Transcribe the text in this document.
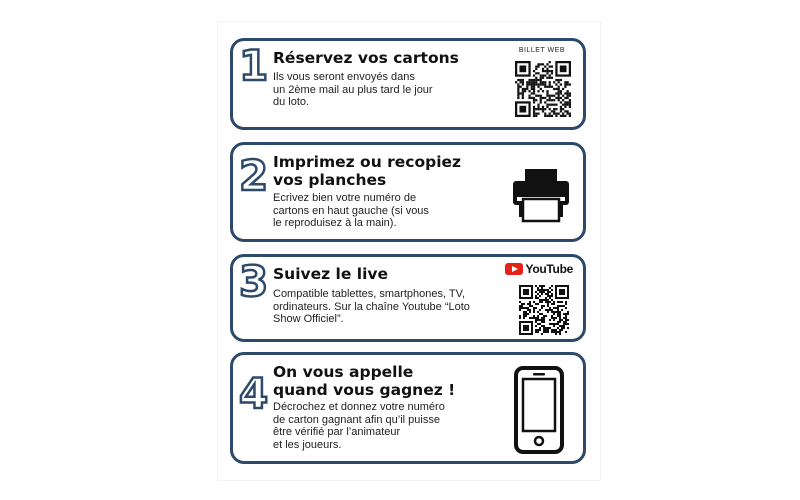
1 Réservez vos cartons
Ils vous seront envoyés dans
un 2ème mail au plus tard le jour
du loto.
BILLET WEB
2 Imprimez ou recopiez
vos planches
Ecrivez bien votre numéro de
cartons en haut gauche (si vous
le reproduisez à la main).
3 Suivez le live
Compatible tablettes, smartphones, TV,
ordinateurs. Sur la chaîne Youtube “Loto
Show Officiel”.
YouTube
4 On vous appelle
quand vous gagnez !
Décrochez et donnez votre numéro
de carton gagnant afin qu’il puisse
être vérifié par l’animateur
et les joueurs.
